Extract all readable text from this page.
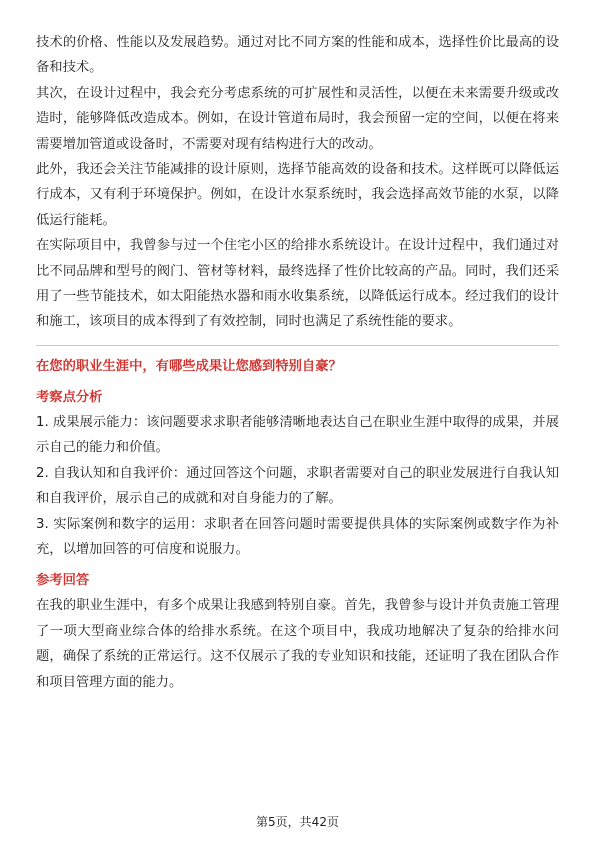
技术的价格、性能以及发展趋势。通过对比不同方案的性能和成本，选择性价比最高的设备和技术。

其次，在设计过程中，我会充分考虑系统的可扩展性和灵活性，以便在未来需要升级或改造时，能够降低改造成本。例如，在设计管道布局时，我会预留一定的空间，以便在将来需要增加管道或设备时，不需要对现有结构进行大的改动。

此外，我还会关注节能减排的设计原则，选择节能高效的设备和技术。这样既可以降低运行成本，又有利于环境保护。例如，在设计水泵系统时，我会选择高效节能的水泵，以降低运行能耗。

在实际项目中，我曾参与过一个住宅小区的给排水系统设计。在设计过程中，我们通过对比不同品牌和型号的阀门、管材等材料，最终选择了性价比较高的产品。同时，我们还采用了一些节能技术，如太阳能热水器和雨水收集系统，以降低运行成本。经过我们的设计和施工，该项目的成本得到了有效控制，同时也满足了系统性能的要求。

在您的职业生涯中，有哪些成果让您感到特别自豪？

考察点分析

1. 成果展示能力：该问题要求求职者能够清晰地表达自己在职业生涯中取得的成果，并展示自己的能力和价值。

2. 自我认知和自我评价：通过回答这个问题，求职者需要对自己的职业发展进行自我认知和自我评价，展示自己的成就和对自身能力的了解。

3. 实际案例和数字的运用：求职者在回答问题时需要提供具体的实际案例或数字作为补充，以增加回答的可信度和说服力。

参考回答

在我的职业生涯中，有多个成果让我感到特别自豪。首先，我曾参与设计并负责施工管理了一项大型商业综合体的给排水系统。在这个项目中，我成功地解决了复杂的给排水问题，确保了系统的正常运行。这不仅展示了我的专业知识和技能，还证明了我在团队合作和项目管理方面的能力。

第5页，共42页
